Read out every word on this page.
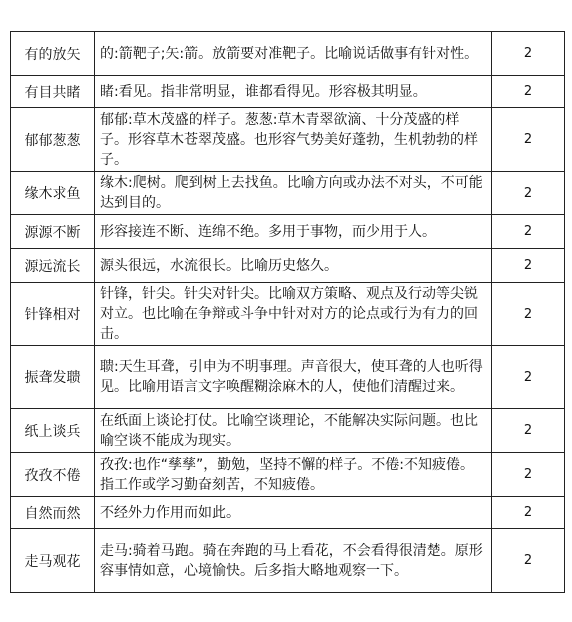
有的放矢	的:箭靶子;矢:箭。放箭要对准靶子。比喻说话做事有针对性。	2
有目共睹	睹:看见。指非常明显，谁都看得见。形容极其明显。	2
郁郁葱葱	郁郁:草木茂盛的样子。葱葱:草木青翠欲滴、十分茂盛的样子。形容草木苍翠茂盛。也形容气势美好蓬勃，生机勃勃的样子。	2
缘木求鱼	缘木:爬树。爬到树上去找鱼。比喻方向或办法不对头，不可能达到目的。	2
源源不断	形容接连不断、连绵不绝。多用于事物，而少用于人。	2
源远流长	源头很远，水流很长。比喻历史悠久。	2
针锋相对	针锋，针尖。针尖对针尖。比喻双方策略、观点及行动等尖锐对立。也比喻在争辩或斗争中针对对方的论点或行为有力的回击。	2
振聋发聩	聩:天生耳聋，引申为不明事理。声音很大，使耳聋的人也听得见。比喻用语言文字唤醒糊涂麻木的人，使他们清醒过来。	2
纸上谈兵	在纸面上谈论打仗。比喻空谈理论，不能解决实际问题。也比喻空谈不能成为现实。	2
孜孜不倦	孜孜:也作“孳孳”，勤勉，坚持不懈的样子。不倦:不知疲倦。指工作或学习勤奋刻苦，不知疲倦。	2
自然而然	不经外力作用而如此。	2
走马观花	走马:骑着马跑。骑在奔跑的马上看花，不会看得很清楚。原形容事情如意，心境愉快。后多指大略地观察一下。	2
